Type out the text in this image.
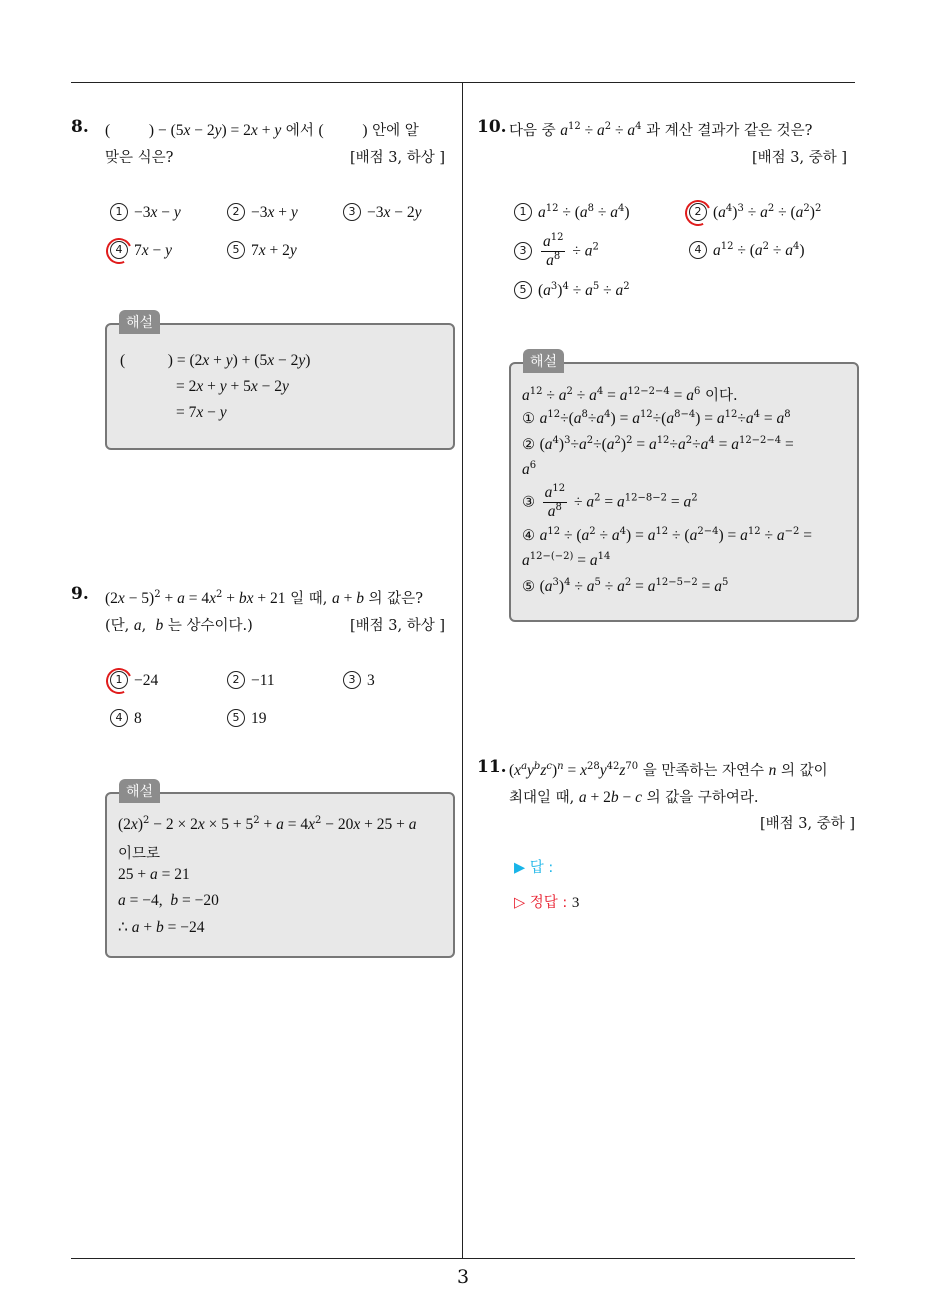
8. (          ) − (5x − 2y) = 2x + y 에서 (          ) 안에 알
맞은 식은?	[배점 3, 하상 ]
1 −3x − y	2 −3x + y	3 −3x − 2y
4 7x − y	5 7x + 2y
해설
(           ) = (2x + y) + (5x − 2y)
= 2x + y + 5x − 2y
= 7x − y
9. $(2x - 5)^2 + a = 4x^2$ + bx + 21 일 때, a + b 의 값은?
(단, a,  b 는 상수이다.)	[배점 3, 하상 ]
1 −24	2 −11	3 3
4 8	5 19
해설
$(2x)^2 - 2 \times 2x \times 5 + 5^2 + a = 4x^2 - 20x + 25 + a$
이므로
25 + a = 21
a = −4,  b = −20
∴ a + b = −24
10. 다음 중 $a^{12} \div a^2 \div a^4$ 과 계산 결과가 같은 것은?
[배점 3, 중하 ]
1 $a^{12} \div (a^8 \div a^4)$	2 $(a^4)^3 \div a^2 \div (a^2)^2$
$3 \frac{a^{12}}{a^8} \div a^2$	4 $a^{12} \div (a^2 \div a^4)$
5 $(a^3)^4 \div a^5 \div a^2$
해설
$a^{12} \div a^2 \div a^4 = a^{12-2-4} = a^6$ 이다.
① $a^{12}\div(a^8\div a^4) = a^{12}\div(a^{8-4}) = a^{12}\div a^4 = a^8$
② $(a^4)^3\div a^2\div(a^2)^2 = a^{12}\div a^2\div a^4 = a^{12-2-4}$ =
$a^6$
③ $\frac{a^{12}}{a^8} \div a^2 = a^{12-8-2} = a^2$
④ $a^{12} \div (a^2 \div a^4) = a^{12} \div (a^{2-4}) = a^{12} \div a^{-2}$ =
$a^{12-(-2)} = a^{14}$
⑤ $(a^3)^4 \div a^5 \div a^2 = a^{12-5-2} = a^5$
11. $(x^ay^bz^c)^n = x^{28}y^{42}z^{70}$ 을 만족하는 자연수 n 의 값이
최대일 때, a + 2b − c 의 값을 구하여라.
[배점 3, 중하 ]
▶ 답 :
▷ 정답 : 3
3
